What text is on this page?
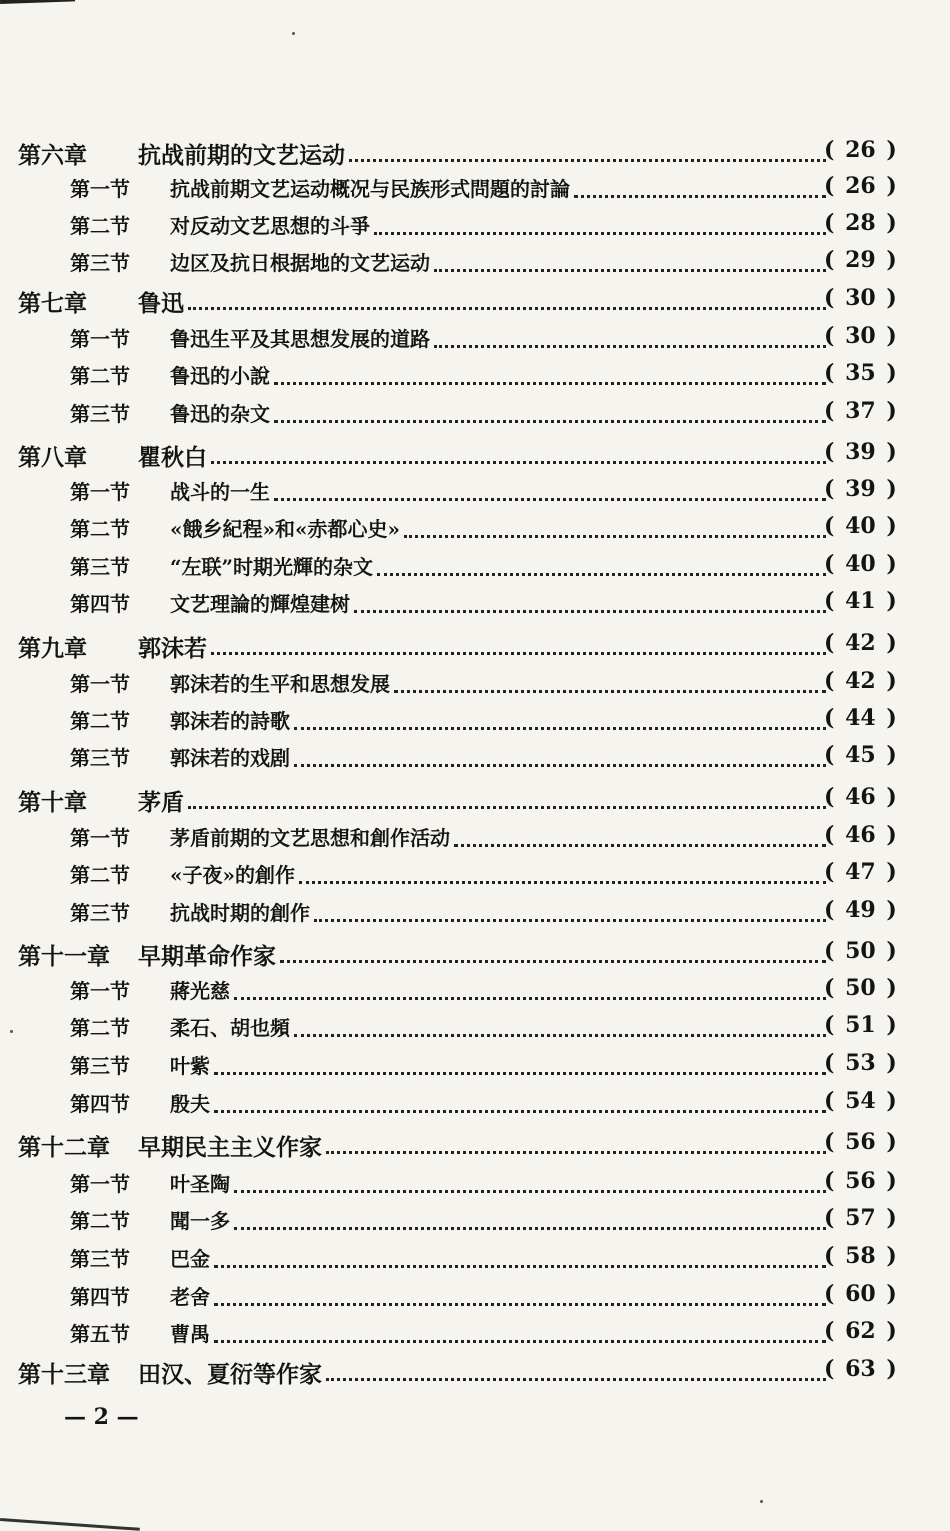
第六章 抗战前期的文艺运动	( 26 )
第一节 抗战前期文艺运动概况与民族形式問題的討論	( 26 )
第二节 对反动文艺思想的斗爭	( 28 )
第三节 边区及抗日根据地的文艺运动	( 29 )
第七章 鲁迅	( 30 )
第一节 鲁迅生平及其思想发展的道路	( 30 )
第二节 鲁迅的小說	( 35 )
第三节 鲁迅的杂文	( 37 )
第八章 瞿秋白	( 39 )
第一节 战斗的一生	( 39 )
第二节 «餓乡紀程»和«赤都心史»	( 40 )
第三节 “左联”时期光輝的杂文	( 40 )
第四节 文艺理論的輝煌建树	( 41 )
第九章 郭沫若	( 42 )
第一节 郭沫若的生平和思想发展	( 42 )
第二节 郭沫若的詩歌	( 44 )
第三节 郭沫若的戏剧	( 45 )
第十章 茅盾	( 46 )
第一节 茅盾前期的文艺思想和創作活动	( 46 )
第二节 «子夜»的創作	( 47 )
第三节 抗战时期的創作	( 49 )
第十一章 早期革命作家	( 50 )
第一节 蔣光慈	( 50 )
第二节 柔石、胡也頻	( 51 )
第三节 叶紫	( 53 )
第四节 殷夫	( 54 )
第十二章 早期民主主义作家	( 56 )
第一节 叶圣陶	( 56 )
第二节 聞一多	( 57 )
第三节 巴金	( 58 )
第四节 老舍	( 60 )
第五节 曹禺	( 62 )
第十三章 田汉、夏衍等作家	( 63 )
— 2 —
